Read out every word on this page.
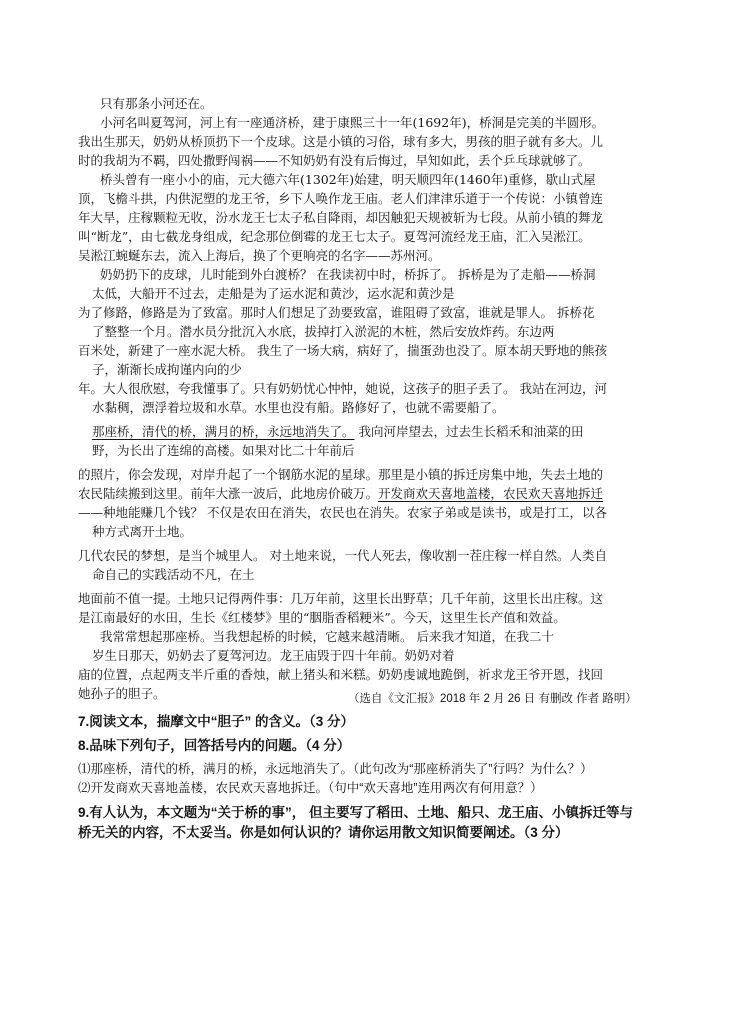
只有那条小河还在。
小河名叫夏驾河，河上有一座通济桥，建于康熙三十一年(1692年)，桥洞是完美的半圆形。
我出生那天，奶奶从桥顶扔下一个皮球。这是小镇的习俗，球有多大，男孩的胆子就有多大。儿
时的我胡为不羁，四处撒野闯祸——不知奶奶有没有后悔过，早知如此，丢个乒乓球就够了。
桥头曾有一座小小的庙，元大德六年(1302年)始建，明天顺四年(1460年)重修，歇山式屋
顶，飞檐斗拱，内供泥塑的龙王爷，乡下人唤作龙王庙。老人们津津乐道于一个传说：小镇曾连
年大旱，庄稼颗粒无收，汾水龙王七太子私自降雨，却因触犯天规被斩为七段。从前小镇的舞龙
叫“断龙”，由七截龙身组成，纪念那位倒霉的龙王七太子。夏驾河流经龙王庙，汇入吴淞江。
吴淞江蜿蜒东去，流入上海后，换了个更响亮的名字——苏州河。
奶奶扔下的皮球，儿时能到外白渡桥？ 在我读初中时，桥拆了。 拆桥是为了走船——桥洞
太低，大船开不过去，走船是为了运水泥和黄沙，运水泥和黄沙是
为了修路，修路是为了致富。那时人们想足了劲要致富，谁阻碍了致富，谁就是罪人。 拆桥花
了整整一个月。潜水员分批沉入水底，拔掉打入淤泥的木桩，然后安放炸药。东边两
百米处，新建了一座水泥大桥。 我生了一场大病，病好了，揣蛋劲也没了。原本胡天野地的熊孩
子，渐渐长成拘谨内向的少
年。大人很欣慰，夸我懂事了。只有奶奶忧心忡忡，她说，这孩子的胆子丢了。 我站在河边，河
水黏稠，漂浮着垃圾和水草。水里也没有船。路修好了，也就不需要船了。
那座桥，清代的桥，满月的桥，永远地消失了。 我向河岸望去，过去生长稻禾和油菜的田
野，为长出了连绵的高楼。如果对比二十年前后
的照片，你会发现，对岸升起了一个钢筋水泥的星球。那里是小镇的拆迁房集中地，失去土地的
农民陆续搬到这里。前年大涨一波后，此地房价破万。开发商欢天喜地盖楼，农民欢天喜地拆迁
——种地能赚几个钱？ 不仅是农田在消失，农民也在消失。农家子弟或是读书，或是打工，以各
种方式离开土地。
几代农民的梦想，是当个城里人。 对土地来说，一代人死去，像收割一茬庄稼一样自然。人类自
命自己的实践活动不凡，在土
地面前不值一提。土地只记得两件事：几万年前，这里长出野草；几千年前，这里长出庄稼。这
是江南最好的水田，生长《红楼梦》里的“胭脂香稻粳米”。今天，这里生长产值和效益。
我常常想起那座桥。当我想起桥的时候，它越来越清晰。 后来我才知道，在我二十
岁生日那天，奶奶去了夏驾河边。龙王庙毁于四十年前。奶奶对着
庙的位置，点起两支半斤重的香烛，献上猪头和米糕。奶奶虔诚地跪倒，祈求龙王爷开恩，找回
她孙子的胆子。	（选自《文汇报》2018 年 2 月 26 日 有删改 作者 路明）
7.阅读文本，揣摩文中“胆子” 的含义。（3 分）
8.品味下列句子，回答括号内的问题。（4 分）
⑴那座桥，清代的桥，满月的桥，永远地消失了。（此句改为“那座桥消失了”行吗？为什么？）
⑵开发商欢天喜地盖楼，农民欢天喜地拆迁。（句中“欢天喜地”连用两次有何用意？）
9.有人认为，本文题为“关于桥的事”， 但主要写了稻田、土地、船只、龙王庙、小镇拆迁等与
桥无关的内容，不太妥当。你是如何认识的？请你运用散文知识简要阐述。（3 分）
